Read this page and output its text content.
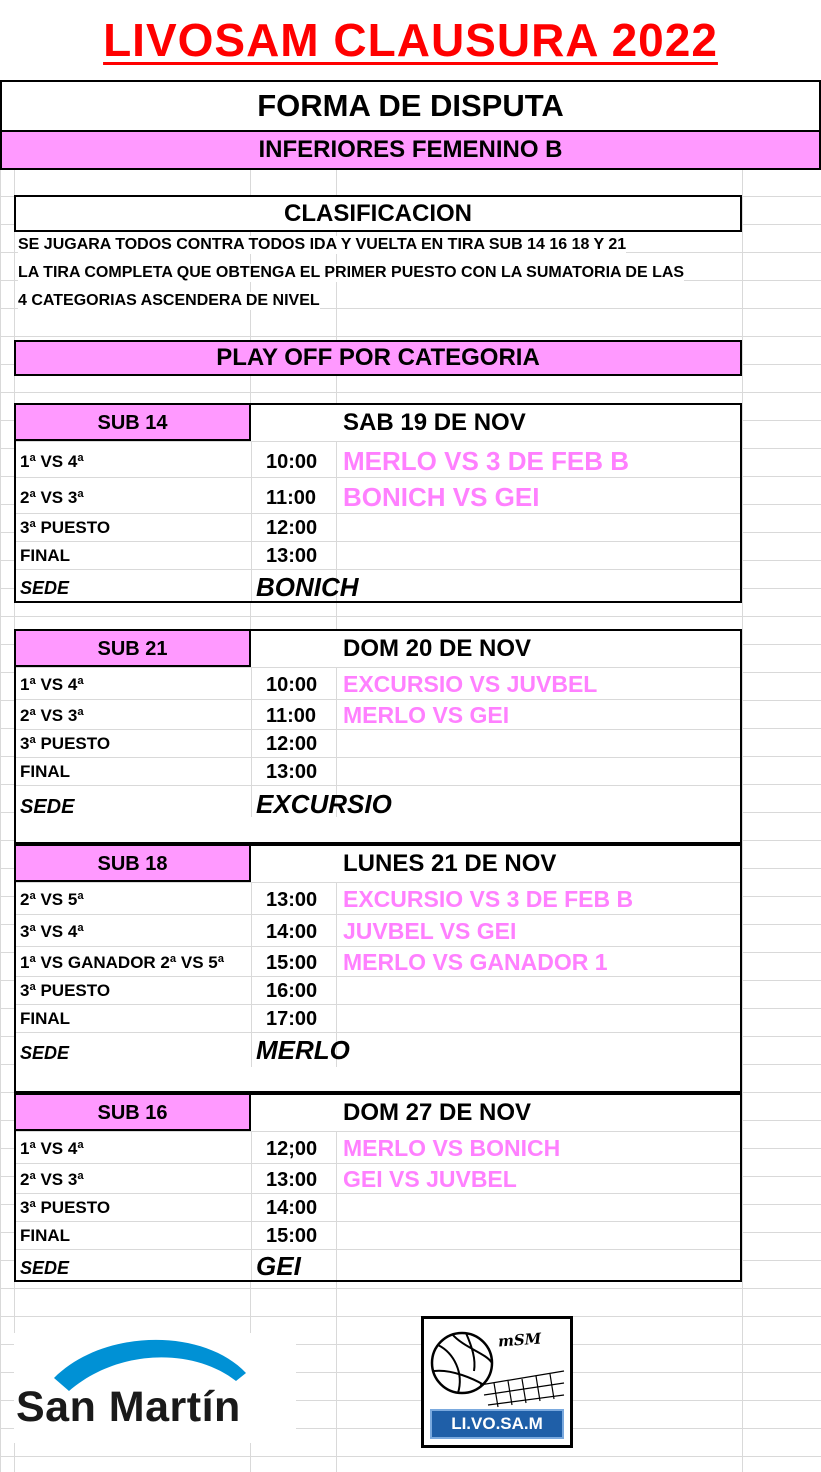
LIVOSAM CLAUSURA 2022
FORMA DE DISPUTA
INFERIORES FEMENINO B
CLASIFICACION
SE JUGARA TODOS CONTRA TODOS IDA Y VUELTA EN TIRA SUB 14 16 18 Y 21
LA TIRA COMPLETA QUE OBTENGA EL PRIMER PUESTO CON LA SUMATORIA DE LAS
4 CATEGORIAS ASCENDERA DE NIVEL
PLAY OFF POR CATEGORIA
SUB 14	SAB 19 DE NOV
1ª VS 4ª	10:00 MERLO VS 3 DE FEB B
2ª VS 3ª	11:00 BONICH VS GEI
3ª PUESTO	12:00
FINAL	13:00
SEDE	BONICH
SUB 21	DOM 20 DE NOV
1ª VS 4ª	10:00 EXCURSIO VS JUVBEL
2ª VS 3ª	11:00 MERLO VS GEI
3ª PUESTO	12:00
FINAL	13:00
SEDE	EXCURSIO
SUB 18	LUNES 21 DE NOV
2ª VS 5ª	13:00 EXCURSIO VS 3 DE FEB B
3ª VS 4ª	14:00 JUVBEL VS GEI
1ª VS GANADOR 2ª VS 5ª 15:00 MERLO VS GANADOR 1
3ª PUESTO	16:00
FINAL	17:00
SEDE	MERLO
SUB 16	DOM 27 DE NOV
1ª VS 4ª	12;00 MERLO VS BONICH
2ª VS 3ª	13:00 GEI VS JUVBEL
3ª PUESTO	14:00
FINAL	15:00
SEDE	GEI
San Martín
mSM
LI.VO.SA.M
